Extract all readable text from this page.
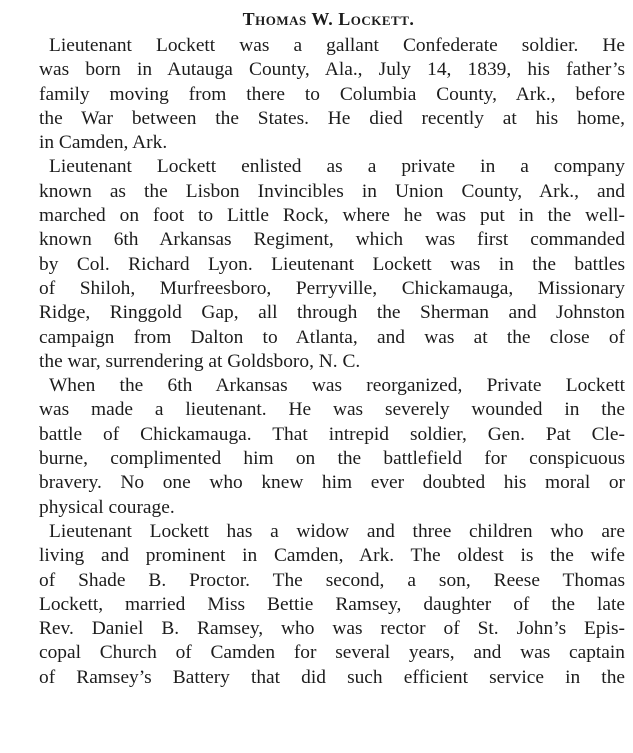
Thomas W. Lockett.
Lieutenant Lockett was a gallant Confederate soldier. He
was born in Autauga County, Ala., July 14, 1839, his father’s
family moving from there to Columbia County, Ark., before
the War between the States. He died recently at his home,
in Camden, Ark.
Lieutenant Lockett enlisted as a private in a company
known as the Lisbon Invincibles in Union County, Ark., and
marched on foot to Little Rock, where he was put in the well-
known 6th Arkansas Regiment, which was first commanded
by Col. Richard Lyon. Lieutenant Lockett was in the battles
of Shiloh, Murfreesboro, Perryville, Chickamauga, Missionary
Ridge, Ringgold Gap, all through the Sherman and Johnston
campaign from Dalton to Atlanta, and was at the close of
the war, surrendering at Goldsboro, N. C.
When the 6th Arkansas was reorganized, Private Lockett
was made a lieutenant. He was severely wounded in the
battle of Chickamauga. That intrepid soldier, Gen. Pat Cle-
burne, complimented him on the battlefield for conspicuous
bravery. No one who knew him ever doubted his moral or
physical courage.
Lieutenant Lockett has a widow and three children who are
living and prominent in Camden, Ark. The oldest is the wife
of Shade B. Proctor. The second, a son, Reese Thomas
Lockett, married Miss Bettie Ramsey, daughter of the late
Rev. Daniel B. Ramsey, who was rector of St. John’s Epis-
copal Church of Camden for several years, and was captain
of Ramsey’s Battery that did such efficient service in the
